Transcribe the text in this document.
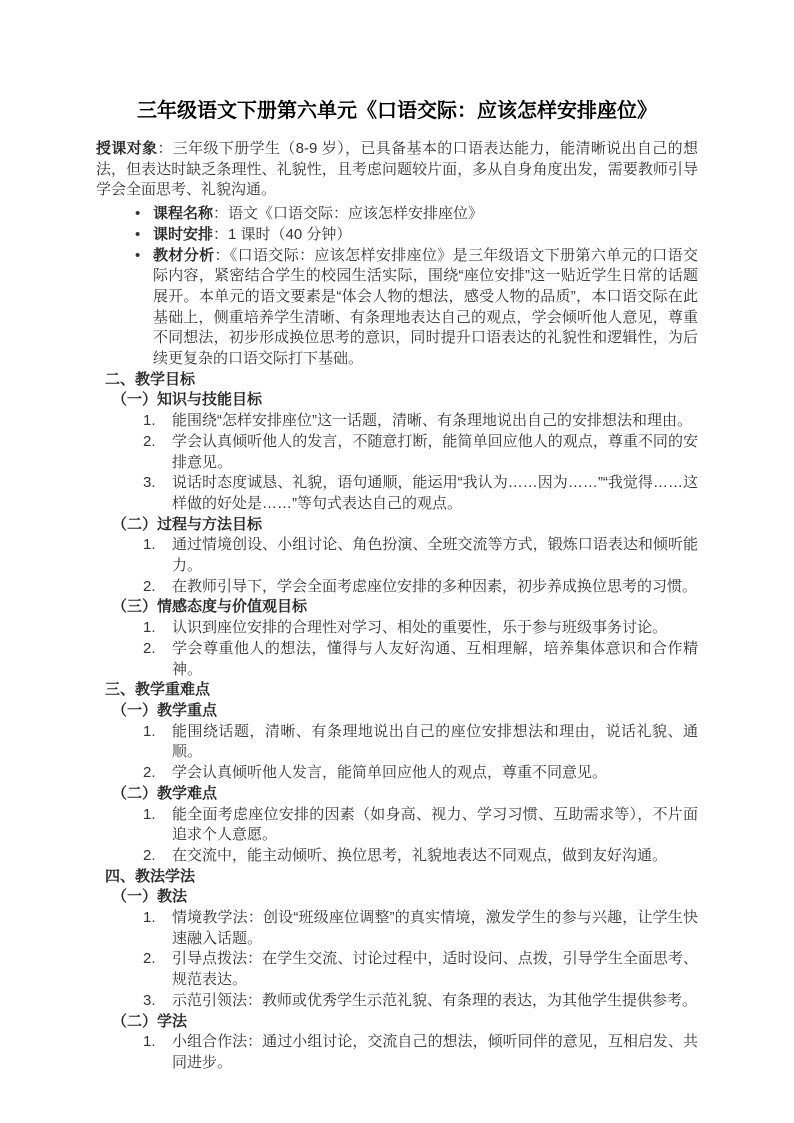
三年级语文下册第六单元《口语交际：应该怎样安排座位》

授课对象：三年级下册学生（8-9 岁），已具备基本的口语表达能力，能清晰说出自己的想法，但表达时缺乏条理性、礼貌性，且考虑问题较片面，多从自身角度出发，需要教师引导学会全面思考、礼貌沟通。

• 课程名称：语文《口语交际：应该怎样安排座位》
• 课时安排：1 课时（40 分钟）
• 教材分析：《口语交际：应该怎样安排座位》是三年级语文下册第六单元的口语交际内容，紧密结合学生的校园生活实际，围绕“座位安排”这一贴近学生日常的话题展开。本单元的语文要素是“体会人物的想法，感受人物的品质”，本口语交际在此基础上，侧重培养学生清晰、有条理地表达自己的观点，学会倾听他人意见，尊重不同想法，初步形成换位思考的意识，同时提升口语表达的礼貌性和逻辑性，为后续更复杂的口语交际打下基础。
二、教学目标
（一）知识与技能目标
1. 能围绕“怎样安排座位”这一话题，清晰、有条理地说出自己的安排想法和理由。
2. 学会认真倾听他人的发言，不随意打断，能简单回应他人的观点，尊重不同的安排意见。
3. 说话时态度诚恳、礼貌，语句通顺，能运用“我认为……因为……”“我觉得……这样做的好处是……”等句式表达自己的观点。
（二）过程与方法目标
1. 通过情境创设、小组讨论、角色扮演、全班交流等方式，锻炼口语表达和倾听能力。
2. 在教师引导下，学会全面考虑座位安排的多种因素，初步养成换位思考的习惯。
（三）情感态度与价值观目标
1. 认识到座位安排的合理性对学习、相处的重要性，乐于参与班级事务讨论。
2. 学会尊重他人的想法，懂得与人友好沟通、互相理解，培养集体意识和合作精神。
三、教学重难点
（一）教学重点
1. 能围绕话题，清晰、有条理地说出自己的座位安排想法和理由，说话礼貌、通顺。
2. 学会认真倾听他人发言，能简单回应他人的观点，尊重不同意见。
（二）教学难点
1. 能全面考虑座位安排的因素（如身高、视力、学习习惯、互助需求等），不片面追求个人意愿。
2. 在交流中，能主动倾听、换位思考，礼貌地表达不同观点，做到友好沟通。
四、教法学法
（一）教法
1. 情境教学法：创设“班级座位调整”的真实情境，激发学生的参与兴趣，让学生快速融入话题。
2. 引导点拨法：在学生交流、讨论过程中，适时设问、点拨，引导学生全面思考、规范表达。
3. 示范引领法：教师或优秀学生示范礼貌、有条理的表达，为其他学生提供参考。
（二）学法
1. 小组合作法：通过小组讨论，交流自己的想法，倾听同伴的意见，互相启发、共同进步。
